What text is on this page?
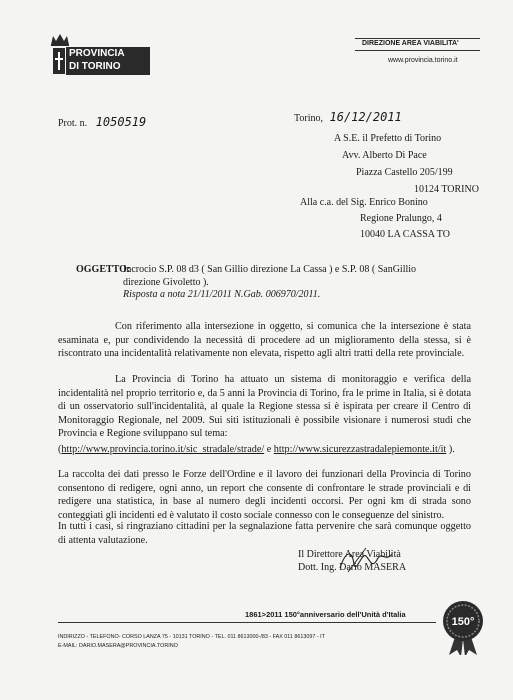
PROVINCIA
DI TORINO
DIREZIONE AREA VIABILITA'
www.provincia.torino.it
Prot. n. 1050519	Torino, 16/12/2011
A S.E. il Prefetto di Torino
Avv. Alberto Di Pace
Piazza Castello 205/199
10124 TORINO
Alla c.a. del Sig. Enrico Bonino
Regione Pralungo, 4
10040 LA CASSA TO
OGGETTO:
Incrocio S.P. 08 d3 ( San Gillio direzione La Cassa ) e S.P. 08 ( SanGillio
direzione Givoletto ).
Risposta a nota 21/11/2011 N.Gab. 006970/2011.
Con riferimento alla intersezione in oggetto, si comunica che la intersezione è stata esaminata e, pur condividendo la necessità di procedere ad un miglioramento della stessa, si è riscontrato una incidentalità relativamente non elevata, rispetto agli altri tratti della rete provinciale.
La Provincia di Torino ha attuato un sistema di monitoraggio e verifica della incidentalità nel proprio territorio e, da 5 anni la Provincia di Torino, fra le prime in Italia, si è dotata di un osservatorio sull'incidentalità, al quale la Regione stessa si è ispirata per creare il Centro di Monitoraggio Regionale, nel 2009. Sui siti istituzionali è possibile visionare i numerosi studi che Provincia e Regione sviluppano sul tema:
(http://www.provincia.torino.it/sic_stradale/strade/ e http://www.sicurezzastradalepiemonte.it/it ).
La raccolta dei dati presso le Forze dell'Ordine e il lavoro dei funzionari della Provincia di Torino consentono di redigere, ogni anno, un report che consente di confrontare le strade provinciali e di redigere una statistica, in base al numero degli incidenti occorsi. Per ogni km di strada sono conteggiati gli incidenti ed è valutato il costo sociale connesso con le conseguenze del sinistro.
In tutti i casi, si ringraziano cittadini per la segnalazione fatta pervenire che sarà comunque oggetto di attenta valutazione.
Il Direttore Area Viabilità
Dott. Ing. Dario MASERA
1861>2011 150°anniversario dell'Unità d'Italia
150°
INDIRIZZO - TELEFONO- CORSO LANZA 75 - 10131 TORINO - TEL. 011 8613000-/83 - FAX 011 8613097 - IT
E-MAIL: DARIO.MASERA@PROVINCIA.TORINO
